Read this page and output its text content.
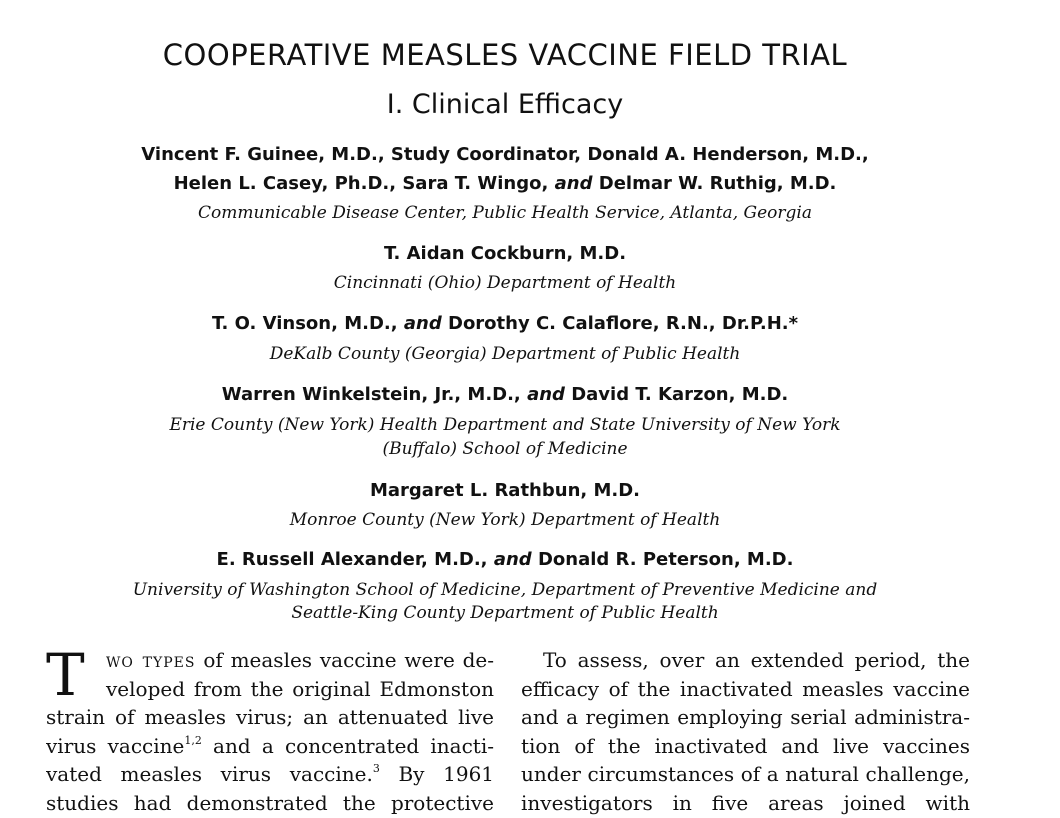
COOPERATIVE MEASLES VACCINE FIELD TRIAL
I. Clinical Efficacy
Vincent F. Guinee, M.D., Study Coordinator, Donald A. Henderson, M.D.,
Helen L. Casey, Ph.D., Sara T. Wingo, and Delmar W. Ruthig, M.D.
Communicable Disease Center, Public Health Service, Atlanta, Georgia
T. Aidan Cockburn, M.D.
Cincinnati (Ohio) Department of Health
T. O. Vinson, M.D., and Dorothy C. Calaflore, R.N., Dr.P.H.*
DeKalb County (Georgia) Department of Public Health
Warren Winkelstein, Jr., M.D., and David T. Karzon, M.D.
Erie County (New York) Health Department and State University of New York
(Buffalo) School of Medicine
Margaret L. Rathbun, M.D.
Monroe County (New York) Department of Health
E. Russell Alexander, M.D., and Donald R. Peterson, M.D.
University of Washington School of Medicine, Department of Preventive Medicine and
Seattle-King County Department of Public Health
T	wo types of measles vaccine were de-
veloped from the original Edmonston
strain of measles virus; an attenuated live
virus vaccine$^{1,2}$ and a concentrated inacti-
vated measles virus vaccine.$^3$ By 1961
studies had demonstrated the protective
To assess, over an extended period, the
efficacy of the inactivated measles vaccine
and a regimen employing serial administra-
tion of the inactivated and live vaccines
under circumstances of a natural challenge,
investigators in five areas joined with
